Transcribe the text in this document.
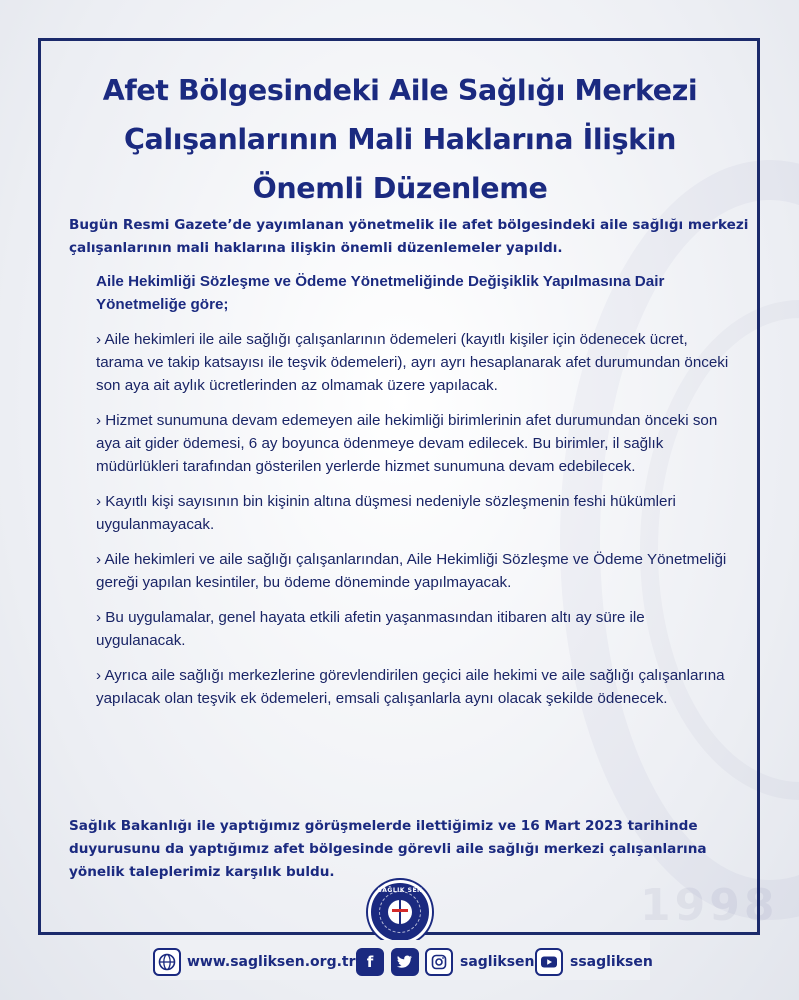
1998
Afet Bölgesindeki Aile Sağlığı Merkezi
Çalışanlarının Mali Haklarına İlişkin
Önemli Düzenleme

Bugün Resmi Gazete’de yayımlanan yönetmelik ile afet bölgesindeki aile sağlığı merkezi çalışanlarının mali haklarına ilişkin önemli düzenlemeler yapıldı.

Aile Hekimliği Sözleşme ve Ödeme Yönetmeliğinde Değişiklik Yapılmasına Dair Yönetmeliğe göre;

› Aile hekimleri ile aile sağlığı çalışanlarının ödemeleri (kayıtlı kişiler için ödenecek ücret, tarama ve takip katsayısı ile teşvik ödemeleri), ayrı ayrı hesaplanarak afet durumundan önceki son aya ait aylık ücretlerinden az olmamak üzere yapılacak.

› Hizmet sunumuna devam edemeyen aile hekimliği birimlerinin afet durumundan önceki son aya ait gider ödemesi, 6 ay boyunca ödenmeye devam edilecek. Bu birimler, il sağlık müdürlükleri tarafından gösterilen yerlerde hizmet sunumuna devam edebilecek.

› Kayıtlı kişi sayısının bin kişinin altına düşmesi nedeniyle sözleşmenin feshi hükümleri uygulanmayacak.

› Aile hekimleri ve aile sağlığı çalışanlarından, Aile Hekimliği Sözleşme ve Ödeme Yönetmeliği gereği yapılan kesintiler, bu ödeme döneminde yapılmayacak.

› Bu uygulamalar, genel hayata etkili afetin yaşanmasından itibaren altı ay süre ile uygulanacak.

› Ayrıca aile sağlığı merkezlerine görevlendirilen geçici aile hekimi ve aile sağlığı çalışanlarına yapılacak olan teşvik ek ödemeleri, emsali çalışanlarla aynı olacak şekilde ödenecek.

Sağlık Bakanlığı ile yaptığımız görüşmelerde ilettiğimiz ve 16 Mart 2023 tarihinde duyurusunu da yaptığımız afet bölgesinde görevli aile sağlığı merkezi çalışanlarına yönelik taleplerimiz karşılık buldu.

SAĞLIK SEN
www.sagliksen.org.tr f	sagliksen	ssagliksen
